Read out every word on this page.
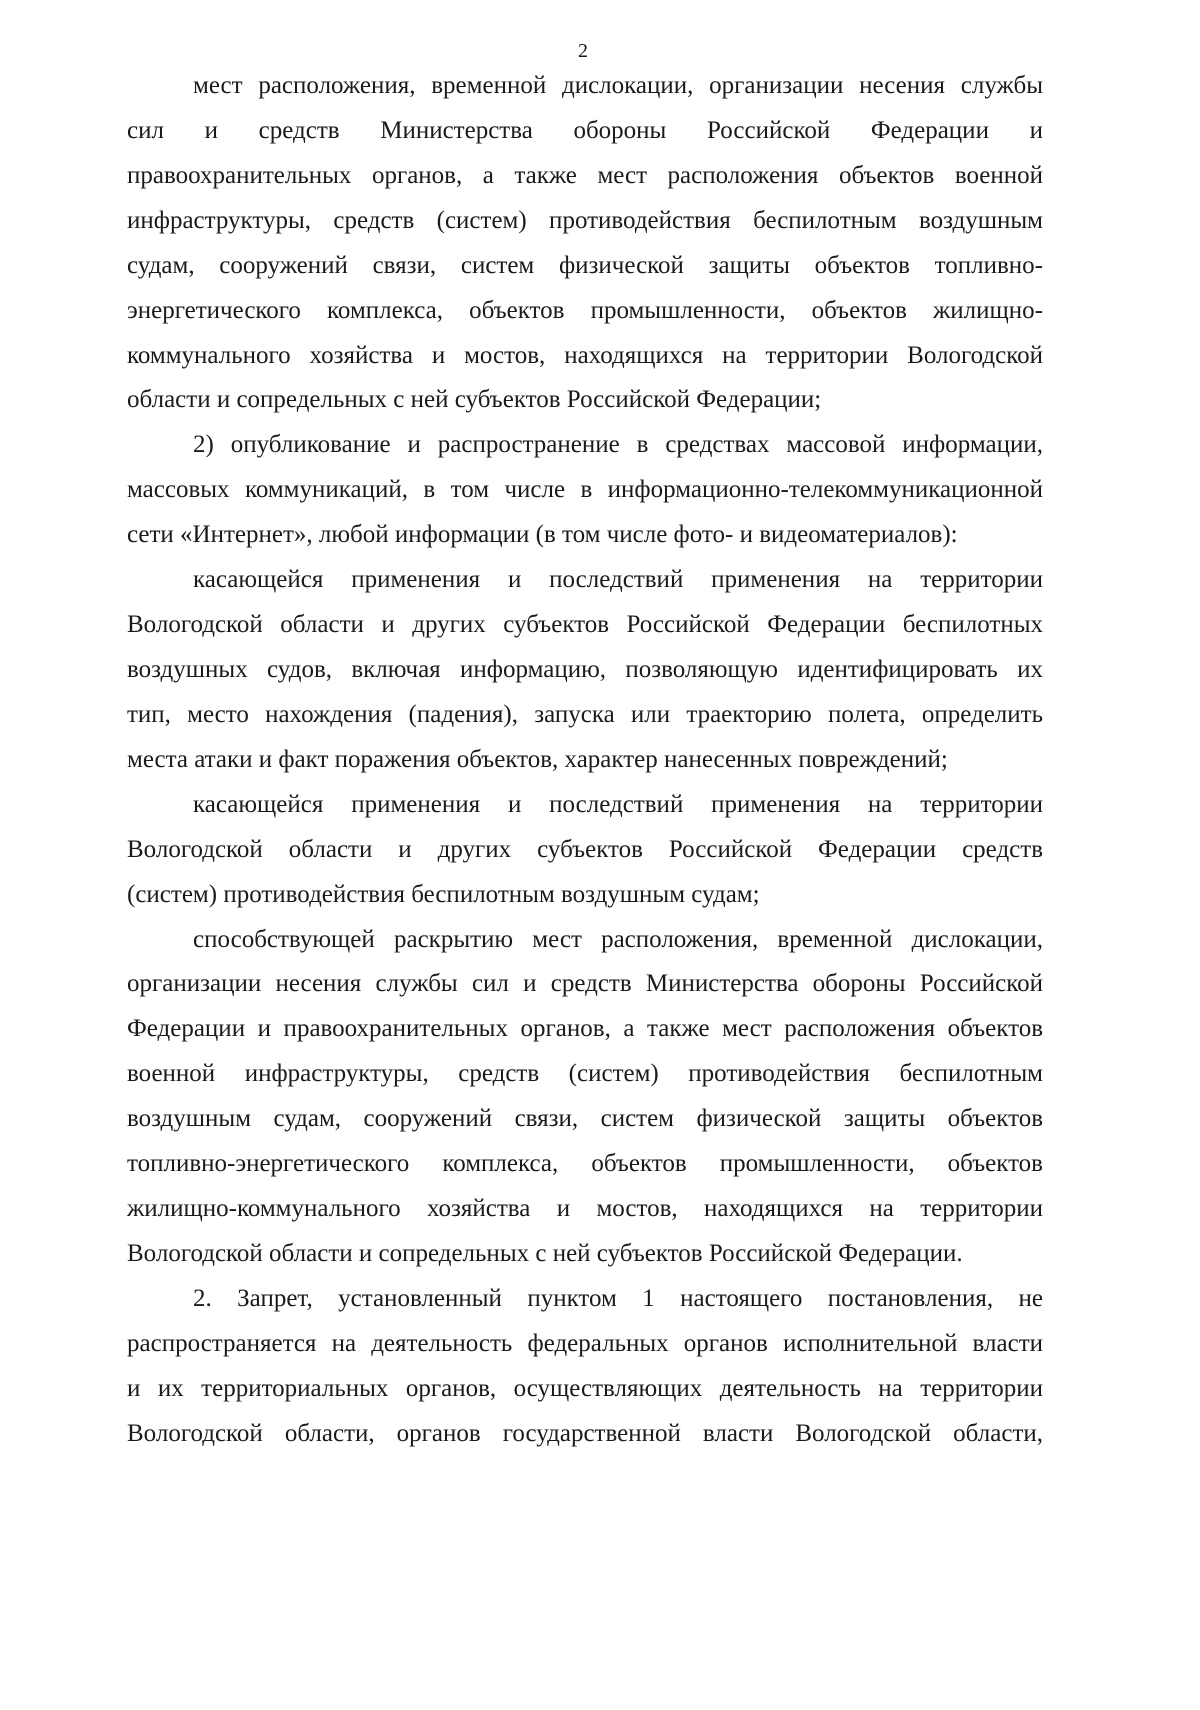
2
мест расположения, временной дислокации, организации несения службы
сил и средств Министерства обороны Российской Федерации и
правоохранительных органов, а также мест расположения объектов военной
инфраструктуры, средств (систем) противодействия беспилотным воздушным
судам, сооружений связи, систем физической защиты объектов топливно-
энергетического комплекса, объектов промышленности, объектов жилищно-
коммунального хозяйства и мостов, находящихся на территории Вологодской
области и сопредельных с ней субъектов Российской Федерации;
2) опубликование и распространение в средствах массовой информации,
массовых коммуникаций, в том числе в информационно-телекоммуникационной
сети «Интернет», любой информации (в том числе фото- и видеоматериалов):
касающейся применения и последствий применения на территории
Вологодской области и других субъектов Российской Федерации беспилотных
воздушных судов, включая информацию, позволяющую идентифицировать их
тип, место нахождения (падения), запуска или траекторию полета, определить
места атаки и факт поражения объектов, характер нанесенных повреждений;
касающейся применения и последствий применения на территории
Вологодской области и других субъектов Российской Федерации средств
(систем) противодействия беспилотным воздушным судам;
способствующей раскрытию мест расположения, временной дислокации,
организации несения службы сил и средств Министерства обороны Российской
Федерации и правоохранительных органов, а также мест расположения объектов
военной инфраструктуры, средств (систем) противодействия беспилотным
воздушным судам, сооружений связи, систем физической защиты объектов
топливно-энергетического комплекса, объектов промышленности, объектов
жилищно-коммунального хозяйства и мостов, находящихся на территории
Вологодской области и сопредельных с ней субъектов Российской Федерации.
2. Запрет, установленный пунктом 1 настоящего постановления, не
распространяется на деятельность федеральных органов исполнительной власти
и их территориальных органов, осуществляющих деятельность на территории
Вологодской области, органов государственной власти Вологодской области,
